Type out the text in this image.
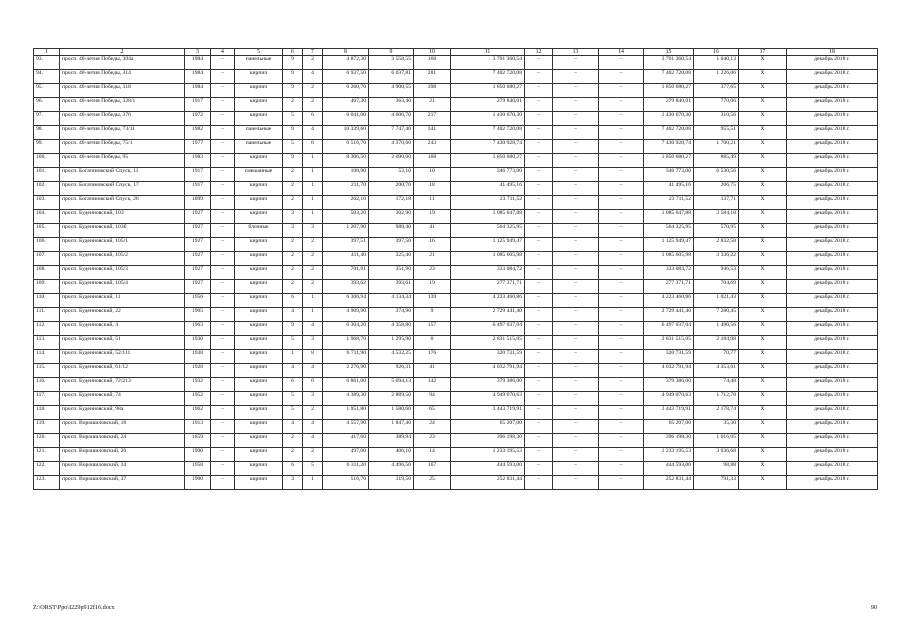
1	2	3	4	5	6	7	8	9	10	11	12	13	14	15	16	17	18
93.	просп. 40-летия Победы, 304а	1984	–	панельные	9	2	4 872,30	3 558,55	168	3 701 360,54	–	–	–	3 701 360,54	1 040,13	Х	декабрь 2018 г.
94.	просп. 40-летия Победы, 314	1984	–	кирпич	9	4	6 937,50	6 037,81	281	7 402 720,08	–	–	–	7 402 720,08	1 226,06	Х	декабрь 2018 г.
95.	просп. 40-летия Победы, 318	1984	–	кирпич	9	2	6 260,70	4 900,55	398	1 850 680,27	–	–	–	1 850 680,27	377,65	Х	декабрь 2018 г.
96.	просп. 40-летия Победы, 328/1	1917	–	кирпич	2	2	407,30	363,40	21	279 840,01	–	–	–	279 840,01	770,06	Х	декабрь 2018 г.
97.	просп. 40-летия Победы, 376	1972	–	кирпич	5	6	6 041,00	4 606,70	217	1 430 670,30	–	–	–	1 430 670,30	310,56	Х	декабрь 2018 г.
98.	просп. 40-летия Победы, 73/11	1982	–	панельные	9	4	10 339,60	7 747,40	341	7 402 720,08	–	–	–	7 402 720,08	955,51	Х	декабрь 2018 г.
99.	просп. 40-летия Победы, 75/1	1977	–	панельные	5	6	6 516,70	4 370,60	243	7 430 928,74	–	–	–	7 430 928,74	1 700,21	Х	декабрь 2018 г.
100.	просп. 40-летия Победы, 95	1983	–	кирпич	9	1	8 306,50	2 090,00	168	1 850 680,27	–	–	–	1 850 680,27	885,49	Х	декабрь 2018 г.
101.	просп. Богатяновский Спуск, 11	1917	–	смешанные	2	1	108,90	53,10	10	346 773,00	–	–	–	346 773,00	6 530,56	Х	декабрь 2018 г.
102.	просп. Богатяновский Спуск, 17	1917	–	кирпич	2	1	211,70	200,70	18	41 495,16	–	–	–	41 495,16	206,75	Х	декабрь 2018 г.
103.	просп. Богатяновский Спуск, 26	1899	–	кирпич	2	1	262,10	172,18	11	23 711,52	–	–	–	23 711,52	137,71	Х	декабрь 2018 г.
104.	просп. Буденновский, 103	1927	–	кирпич	3	1	503,20	302,90	19	1 085 647,88	–	–	–	1 085 647,88	3 584,18	Х	декабрь 2018 г.
105.	просп. Буденновский, 103б	1927	–	блочные	3	3	1 207,90	988,40	41	564 325,95	–	–	–	564 325,95	570,95	Х	декабрь 2018 г.
106.	просп. Буденновский, 105/1	1927	–	кирпич	2	2	397,51	397,50	16	1 125 949,47	–	–	–	1 125 949,47	2 832,58	Х	декабрь 2018 г.
107.	просп. Буденновский, 105/2	1927	–	кирпич	2	2	411,40	325,40	21	1 085 605,98	–	–	–	1 085 605,98	3 336,22	Х	декабрь 2018 г.
108.	просп. Буденновский, 105/3	1927	–	кирпич	2	2	701,91	351,90	23	333 084,72	–	–	–	333 084,72	946,53	Х	декабрь 2018 г.
109.	просп. Буденновский, 105/4	1927	–	кирпич	2	2	393,62	393,61	19	277 371,71	–	–	–	277 371,71	704,69	Х	декабрь 2018 г.
110.	просп. Буденновский, 11	1956	–	кирпич	6	1	6 306,94	4 134,34	139	4 223 460,86	–	–	–	4 223 460,86	1 021,43	Х	декабрь 2018 г.
111.	просп. Буденновский, 22	1905	–	кирпич	4	1	4 909,90	374,90	9	2 729 441,40	–	–	–	2 729 441,40	7 280,45	Х	декабрь 2018 г.
112.	просп. Буденновский, 4	1963	–	кирпич	9	4	6 304,20	4 358,80	157	6 497 037,04	–	–	–	6 497 037,04	1 490,56	Х	декабрь 2018 г.
113.	просп. Буденновский, 51	1930	–	кирпич	5	3	1 968,70	1 295,90	0	2 831 515,05	–	–	–	2 831 515,05	2 184,98	Х	декабрь 2018 г.
114.	просп. Буденновский, 52/111	1938	–	кирпич	1	8	6 711,90	4 532,25	176	320 731,59	–	–	–	320 731,59	70,77	Х	декабрь 2018 г.
115.	просп. Буденновский, 61/12	1928	–	кирпич	4	4	2 276,90	926,31	41	4 032 791,94	–	–	–	4 032 791,94	4 353,61	Х	декабрь 2018 г.
116.	просп. Буденновский, 72/213	1932	–	кирпич	6	6	6 861,00	5 094,13	142	379 386,00	–	–	–	379 386,00	74,48	Х	декабрь 2018 г.
117.	просп. Буденновский, 74	1952	–	кирпич	5	3	4 389,30	2 889,50	94	4 949 070,63	–	–	–	4 949 070,63	1 712,78	Х	декабрь 2018 г.
118.	просп. Буденновский, 98а	1962	–	кирпич	5	2	1 951,80	1 580,60	65	3 443 719,91	–	–	–	3 443 719,91	2 178,74	Х	декабрь 2018 г.
119.	просп. Ворошиловский, 18	1913	–	кирпич	4	4	4 557,90	1 847,40	24	65 207,00	–	–	–	65 207,00	35,30	Х	декабрь 2018 г.
120.	просп. Ворошиловский, 24	1859	–	кирпич	2	4	417,60	389,94	23	396 198,30	–	–	–	396 198,30	1 016,05	Х	декабрь 2018 г.
121.	просп. Ворошиловский, 26	1900	–	кирпич	2	2	497,00	406,10	14	1 233 195,53	–	–	–	1 233 195,53	3 036,68	Х	декабрь 2018 г.
122.	просп. Ворошиловский, 34	1958	–	кирпич	6	5	6 311,20	4 496,50	167	444 593,00	–	–	–	444 593,00	98,88	Х	декабрь 2018 г.
123.	просп. Ворошиловский, 37	1900	–	кирпич	3	1	516,70	319,50	25	252 831,44	–	–	–	252 831,44	791,33	Х	декабрь 2018 г.
Z:\ORST\Ppo\I229p912f16.docx	90
